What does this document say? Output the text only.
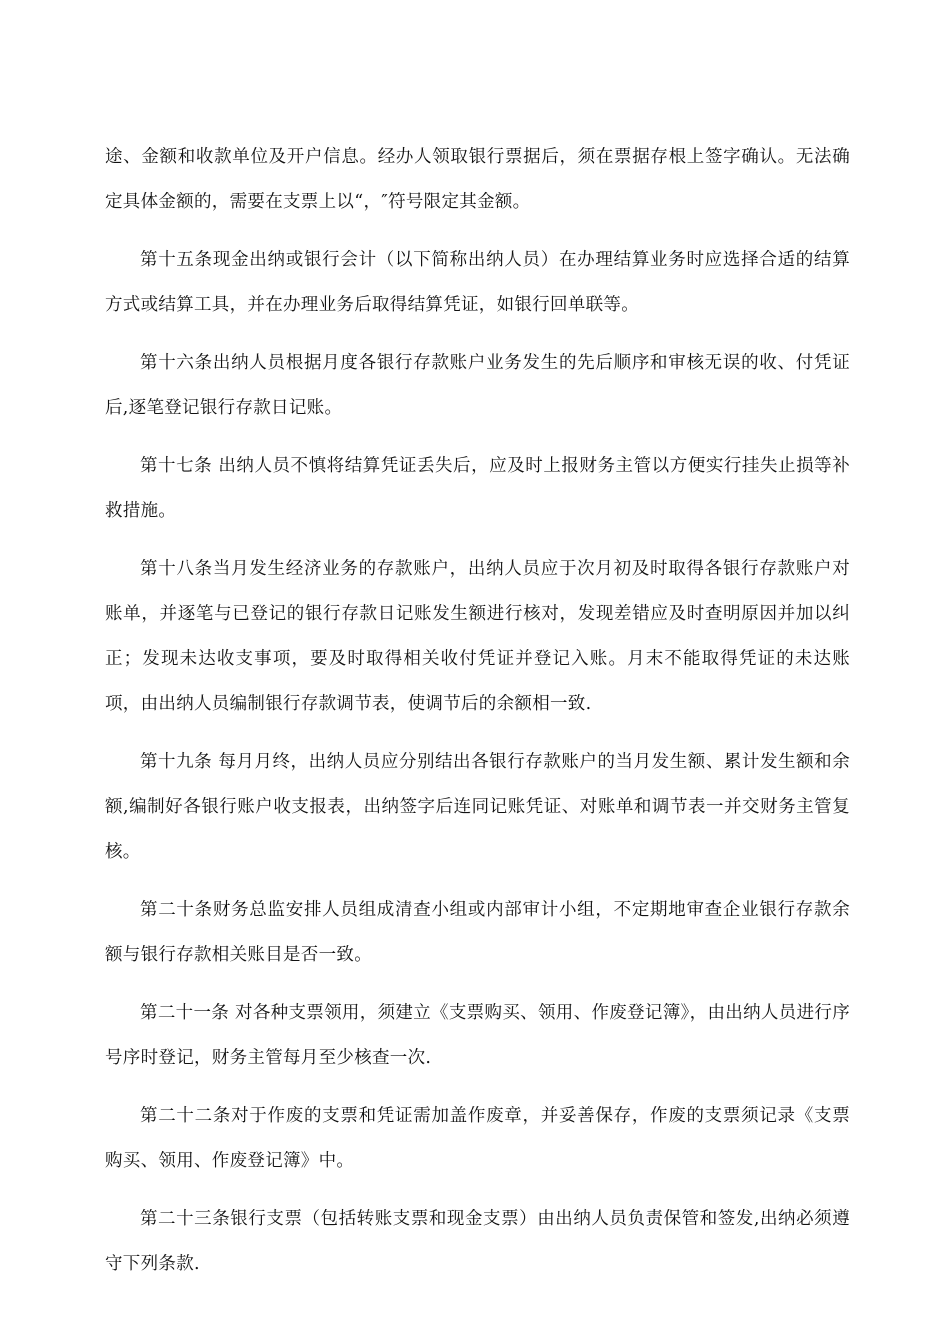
途、金额和收款单位及开户信息。经办人领取银行票据后，须在票据存根上签字确认。无法确定具体金额的，需要在支票上以“，″符号限定其金额。

第十五条现金出纳或银行会计（以下简称出纳人员）在办理结算业务时应选择合适的结算方式或结算工具，并在办理业务后取得结算凭证，如银行回单联等。

第十六条出纳人员根据月度各银行存款账户业务发生的先后顺序和审核无误的收、付凭证后,逐笔登记银行存款日记账。

第十七条 出纳人员不慎将结算凭证丢失后，应及时上报财务主管以方便实行挂失止损等补救措施。

第十八条当月发生经济业务的存款账户，出纳人员应于次月初及时取得各银行存款账户对账单，并逐笔与已登记的银行存款日记账发生额进行核对，发现差错应及时查明原因并加以纠正；发现未达收支事项，要及时取得相关收付凭证并登记入账。月末不能取得凭证的未达账项，由出纳人员编制银行存款调节表，使调节后的余额相一致.

第十九条 每月月终，出纳人员应分别结出各银行存款账户的当月发生额、累计发生额和余额,编制好各银行账户收支报表，出纳签字后连同记账凭证、对账单和调节表一并交财务主管复核。

第二十条财务总监安排人员组成清查小组或内部审计小组，不定期地审查企业银行存款余额与银行存款相关账目是否一致。

第二十一条 对各种支票领用，须建立《支票购买、领用、作废登记簿》，由出纳人员进行序号序时登记，财务主管每月至少核查一次.

第二十二条对于作废的支票和凭证需加盖作废章，并妥善保存，作废的支票须记录《支票购买、领用、作废登记簿》中。

第二十三条银行支票（包括转账支票和现金支票）由出纳人员负责保管和签发,出纳必须遵守下列条款.
